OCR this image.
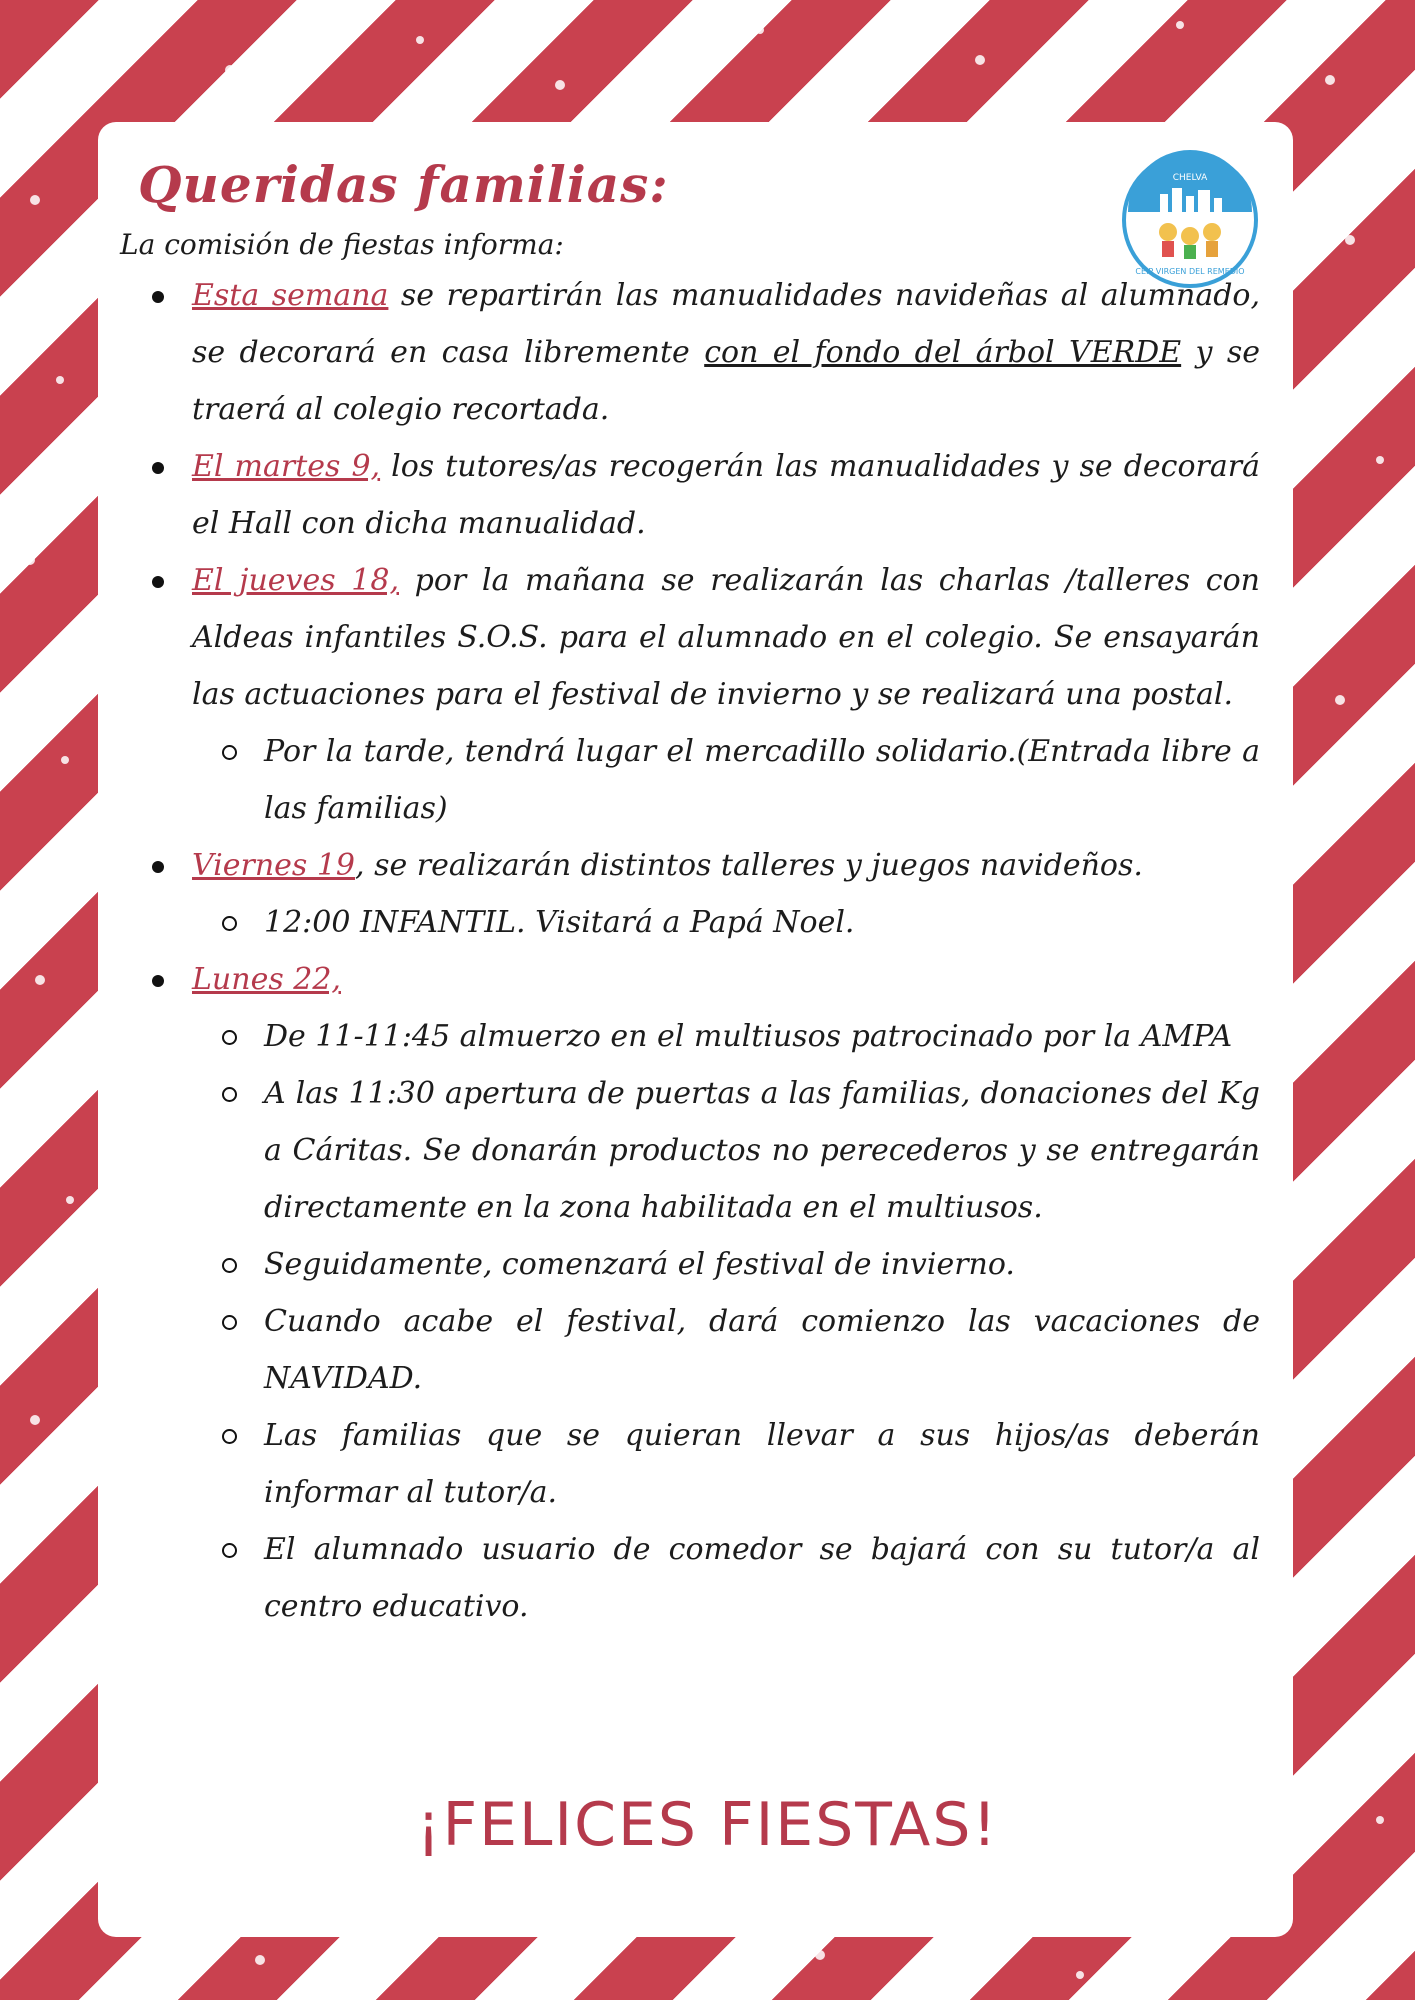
CHELVA
CEIP VIRGEN DEL REMEDIO
Queridas familias:

La comisión de fiestas informa:

Esta semana se repartirán las manualidades navideñas al alumnado, se decorará en casa libremente con el fondo del árbol VERDE y se traerá al colegio recortada.
El martes 9, los tutores/as recogerán las manualidades y se decorará el Hall con dicha manualidad.
El jueves 18, por la mañana se realizarán las charlas /talleres con Aldeas infantiles S.O.S. para el alumnado en el colegio. Se ensayarán las actuaciones para el festival de invierno y se realizará una postal.
Por la tarde, tendrá lugar el mercadillo solidario.(Entrada libre a las familias)
Viernes 19, se realizarán distintos talleres y juegos navideños.
12:00 INFANTIL. Visitará a Papá Noel.
Lunes 22,
De 11-11:45 almuerzo en el multiusos patrocinado por la AMPA
A las 11:30 apertura de puertas a las familias, donaciones del Kg a Cáritas. Se donarán productos no perecederos y se entregarán directamente en la zona habilitada en el multiusos.
Seguidamente, comenzará el festival de invierno.
Cuando acabe el festival, dará comienzo las vacaciones de NAVIDAD.
Las familias que se quieran llevar a sus hijos/as deberán informar al tutor/a.
El alumnado usuario de comedor se bajará con su tutor/a al centro educativo.
¡FELICES FIESTAS!
